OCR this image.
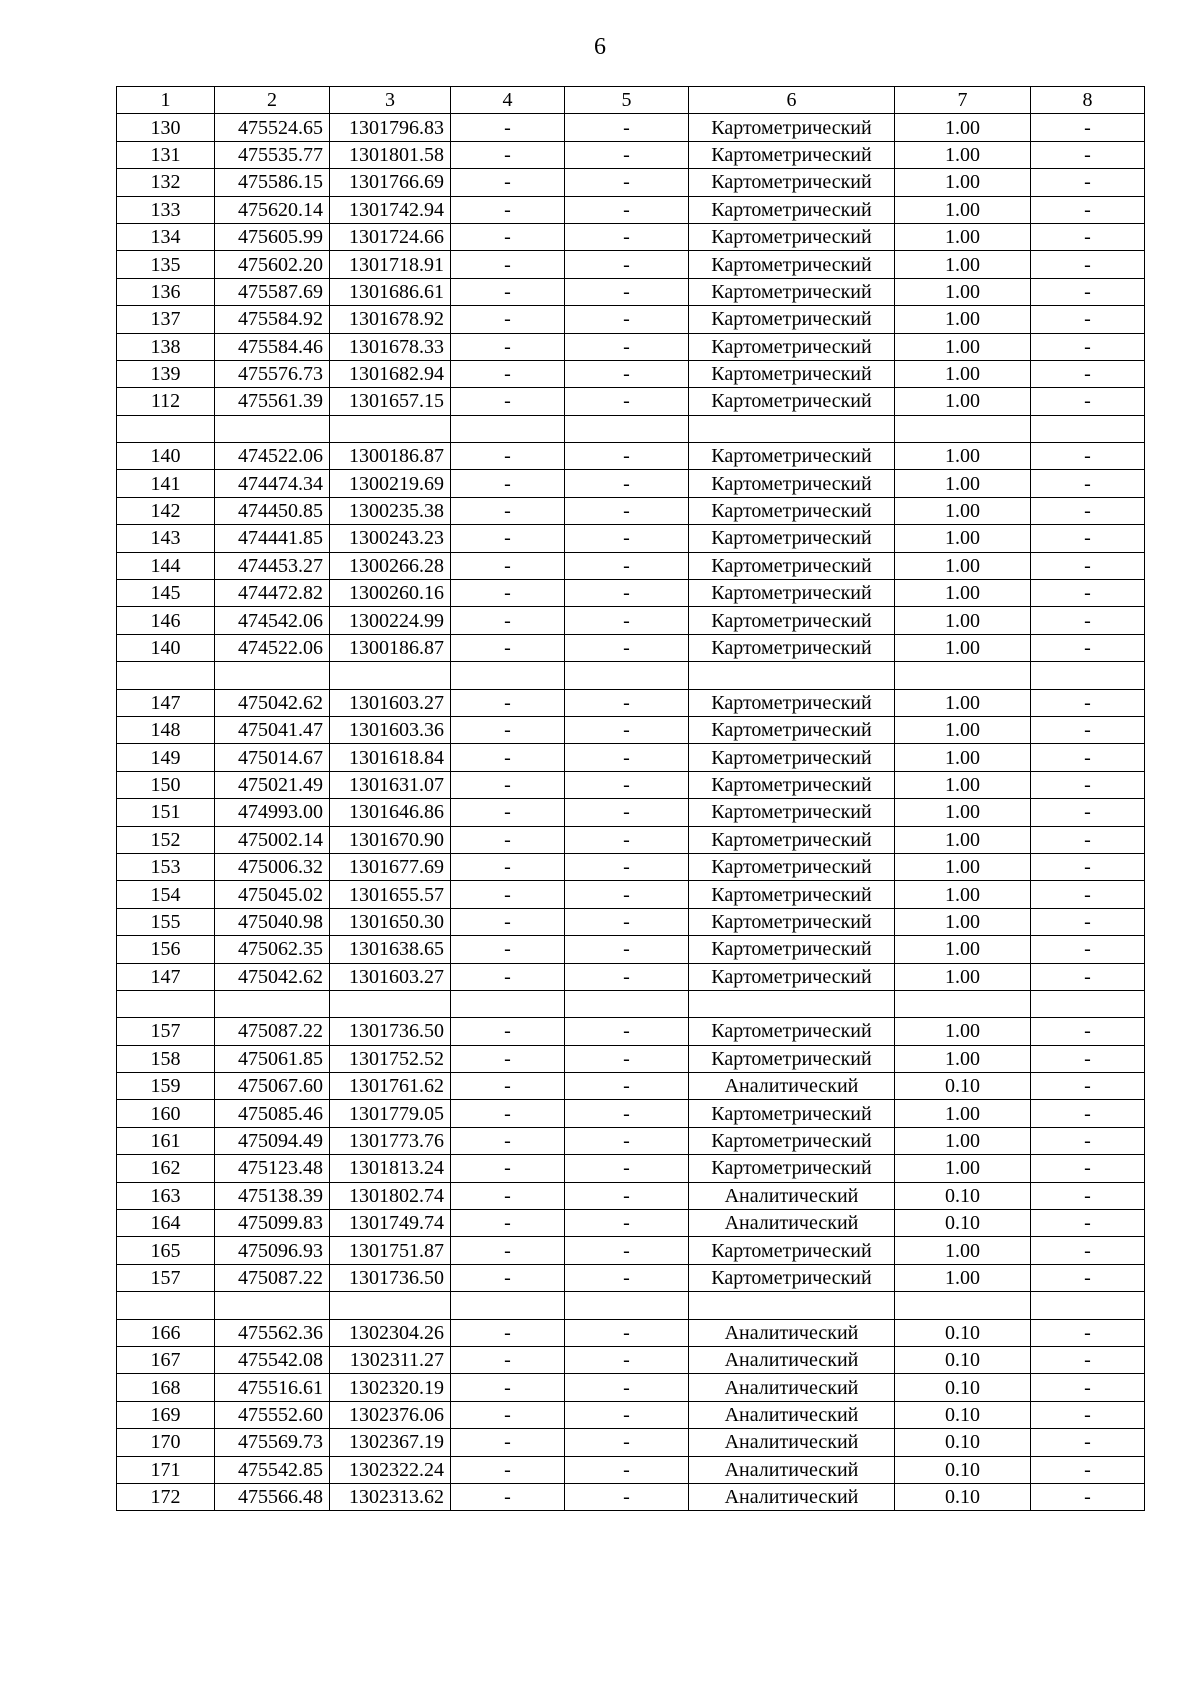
6
1	2	3	4	5	6	7	8
130	475524.65	1301796.83	-	-	Картометрический	1.00	-
131	475535.77	1301801.58	-	-	Картометрический	1.00	-
132	475586.15	1301766.69	-	-	Картометрический	1.00	-
133	475620.14	1301742.94	-	-	Картометрический	1.00	-
134	475605.99	1301724.66	-	-	Картометрический	1.00	-
135	475602.20	1301718.91	-	-	Картометрический	1.00	-
136	475587.69	1301686.61	-	-	Картометрический	1.00	-
137	475584.92	1301678.92	-	-	Картометрический	1.00	-
138	475584.46	1301678.33	-	-	Картометрический	1.00	-
139	475576.73	1301682.94	-	-	Картометрический	1.00	-
112	475561.39	1301657.15	-	-	Картометрический	1.00	-

140	474522.06	1300186.87	-	-	Картометрический	1.00	-
141	474474.34	1300219.69	-	-	Картометрический	1.00	-
142	474450.85	1300235.38	-	-	Картометрический	1.00	-
143	474441.85	1300243.23	-	-	Картометрический	1.00	-
144	474453.27	1300266.28	-	-	Картометрический	1.00	-
145	474472.82	1300260.16	-	-	Картометрический	1.00	-
146	474542.06	1300224.99	-	-	Картометрический	1.00	-
140	474522.06	1300186.87	-	-	Картометрический	1.00	-

147	475042.62	1301603.27	-	-	Картометрический	1.00	-
148	475041.47	1301603.36	-	-	Картометрический	1.00	-
149	475014.67	1301618.84	-	-	Картометрический	1.00	-
150	475021.49	1301631.07	-	-	Картометрический	1.00	-
151	474993.00	1301646.86	-	-	Картометрический	1.00	-
152	475002.14	1301670.90	-	-	Картометрический	1.00	-
153	475006.32	1301677.69	-	-	Картометрический	1.00	-
154	475045.02	1301655.57	-	-	Картометрический	1.00	-
155	475040.98	1301650.30	-	-	Картометрический	1.00	-
156	475062.35	1301638.65	-	-	Картометрический	1.00	-
147	475042.62	1301603.27	-	-	Картометрический	1.00	-

157	475087.22	1301736.50	-	-	Картометрический	1.00	-
158	475061.85	1301752.52	-	-	Картометрический	1.00	-
159	475067.60	1301761.62	-	-	Аналитический	0.10	-
160	475085.46	1301779.05	-	-	Картометрический	1.00	-
161	475094.49	1301773.76	-	-	Картометрический	1.00	-
162	475123.48	1301813.24	-	-	Картометрический	1.00	-
163	475138.39	1301802.74	-	-	Аналитический	0.10	-
164	475099.83	1301749.74	-	-	Аналитический	0.10	-
165	475096.93	1301751.87	-	-	Картометрический	1.00	-
157	475087.22	1301736.50	-	-	Картометрический	1.00	-

166	475562.36	1302304.26	-	-	Аналитический	0.10	-
167	475542.08	1302311.27	-	-	Аналитический	0.10	-
168	475516.61	1302320.19	-	-	Аналитический	0.10	-
169	475552.60	1302376.06	-	-	Аналитический	0.10	-
170	475569.73	1302367.19	-	-	Аналитический	0.10	-
171	475542.85	1302322.24	-	-	Аналитический	0.10	-
172	475566.48	1302313.62	-	-	Аналитический	0.10	-
